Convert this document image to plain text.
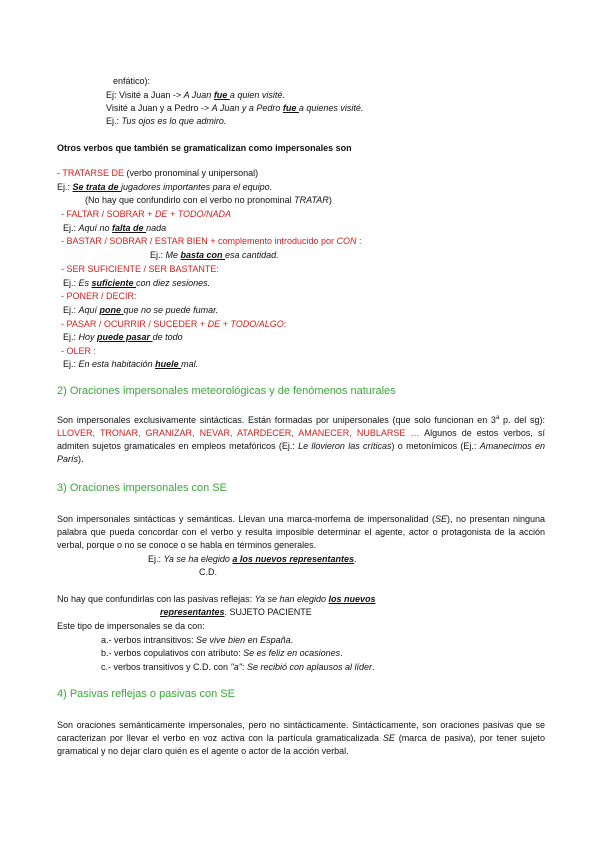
enfático):
Ej: Visité a Juan -> A Juan fue a quien visité.
Visité a Juan y a Pedro -> A Juan y a Pedro fue a quienes visité.
Ej.: Tus ojos es lo que admiro.
Otros verbos que también se gramaticalizan como impersonales son
- TRATARSE DE (verbo pronominal y unipersonal)
Ej.: Se trata de jugadores importantes para el equipo.
(No hay que confundirlo con el verbo no pronominal TRATAR)
- FALTAR / SOBRAR + DE + TODO/NADA
Ej.: Aquí no falta de nada
- BASTAR / SOBRAR / ESTAR BIEN + complemento introducido por CON :
Ej.: Me basta con esa cantidad.
- SER SUFICIENTE / SER BASTANTE:
Ej.: Es suficiente con diez sesiones.
- PONER / DECIR:
Ej.: Aquí pone que no se puede fumar.
- PASAR / OCURRIR / SUCEDER + DE + TODO/ALGO:
Ej.: Hoy puede pasar de todo
- OLER :
Ej.: En esta habitación huele mal.
2) Oraciones impersonales meteorológicas y de fenómenos naturales
Son impersonales exclusivamente sintácticas. Están formadas por unipersonales (que solo funcionan en 3$^a$ p. del sg): LLOVER, TRONAR, GRANIZAR, NEVAR, ATARDECER, AMANECER, NUBLARSE … Algunos de estos verbos, sí admiten sujetos gramaticales en empleos metafóricos (Ej.: Le llovieron las críticas) o metonímicos (Ej.: Amanecimos en París).
3) Oraciones impersonales con SE
Son impersonales sintácticas y semánticas. Llevan una marca-morfema de impersonalidad (SE), no presentan ninguna palabra que pueda concordar con el verbo y resulta imposible determinar el agente, actor o protagonista de la acción verbal, porque o no se conoce o se habla en términos generales.
Ej.: Ya se ha elegido a los nuevos representantes.
C.D.
No hay que confundirlas con las pasivas reflejas: Ya se han elegido los nuevos
representantes. SUJETO PACIENTE
Este tipo de impersonales se da con:
a.- verbos intransitivos: Se vive bien en España.
b.- verbos copulativos con atributo: Se es feliz en ocasiones.
c.- verbos transitivos y C.D. con "a": Se recibió con aplausos al líder.
4) Pasivas reflejas o pasivas con SE
Son oraciones semánticamente impersonales, pero no sintácticamente. Sintácticamente, son oraciones pasivas que se caracterizan por llevar el verbo en voz activa con la partícula gramaticalizada SE (marca de pasiva), por tener sujeto gramatical y no dejar claro quién es el agente o actor de la acción verbal.
